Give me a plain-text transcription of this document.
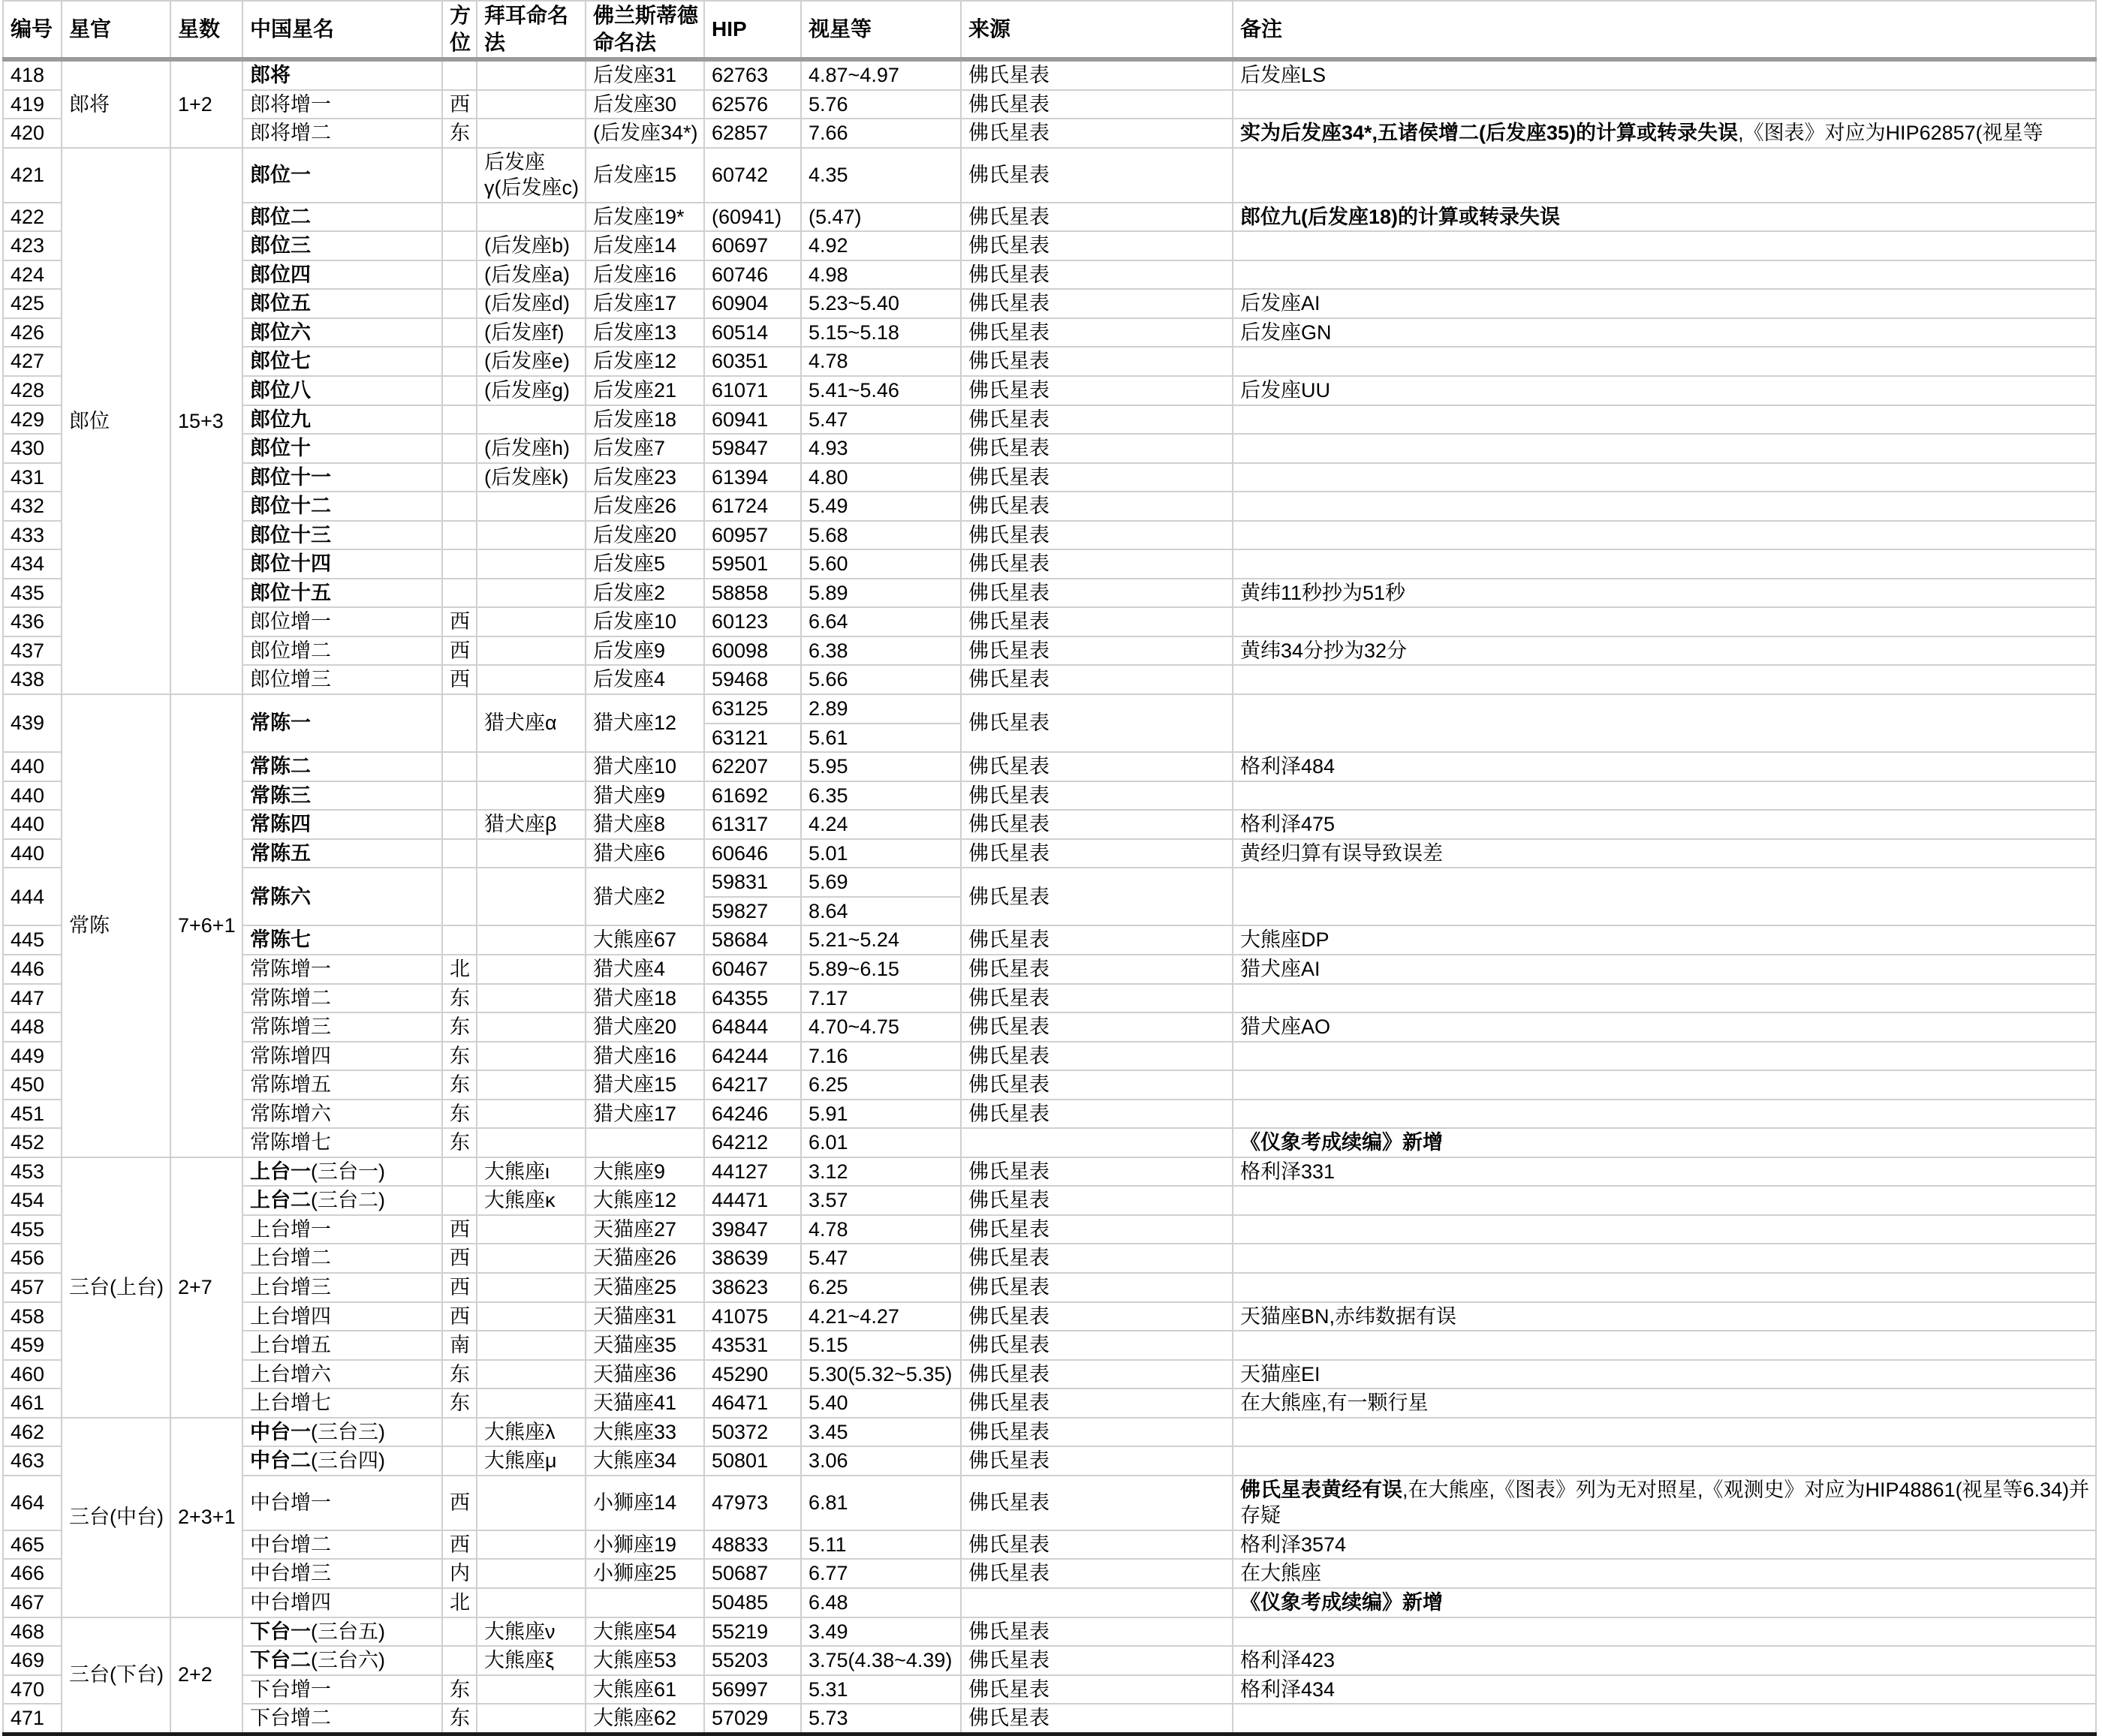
编号	星官	星数	中国星名	方位	拜耳命名法	佛兰斯蒂德命名法	HIP	视星等	来源	备注
418	郎将	1+2	郎将			后发座31	62763	4.87~4.97	佛氏星表	后发座LS
419			郎将增一	西		后发座30	62576	5.76	佛氏星表	
420			郎将增二	东		(后发座34*)	62857	7.66	佛氏星表	实为后发座34*,五诸侯增二(后发座35)的计算或转录失误,《图表》对应为HIP62857(视星等
421	郎位	15+3	郎位一		后发座γ(后发座c)	后发座15	60742	4.35	佛氏星表	
422			郎位二			后发座19*	(60941)	(5.47)	佛氏星表	郎位九(后发座18)的计算或转录失误
423			郎位三		(后发座b)	后发座14	60697	4.92	佛氏星表	
424			郎位四		(后发座a)	后发座16	60746	4.98	佛氏星表	
425			郎位五		(后发座d)	后发座17	60904	5.23~5.40	佛氏星表	后发座AI
426			郎位六		(后发座f)	后发座13	60514	5.15~5.18	佛氏星表	后发座GN
427			郎位七		(后发座e)	后发座12	60351	4.78	佛氏星表	
428			郎位八		(后发座g)	后发座21	61071	5.41~5.46	佛氏星表	后发座UU
429			郎位九			后发座18	60941	5.47	佛氏星表	
430			郎位十		(后发座h)	后发座7	59847	4.93	佛氏星表	
431			郎位十一		(后发座k)	后发座23	61394	4.80	佛氏星表	
432			郎位十二			后发座26	61724	5.49	佛氏星表	
433			郎位十三			后发座20	60957	5.68	佛氏星表	
434			郎位十四			后发座5	59501	5.60	佛氏星表	
435			郎位十五			后发座2	58858	5.89	佛氏星表	黄纬11秒抄为51秒
436			郎位增一	西		后发座10	60123	6.64	佛氏星表	
437			郎位增二	西		后发座9	60098	6.38	佛氏星表	黄纬34分抄为32分
438			郎位增三	西		后发座4	59468	5.66	佛氏星表	
439	常陈	7+6+1	常陈一		猎犬座α	猎犬座12	63125	2.89	佛氏星表	
							63121	5.61		
440			常陈二			猎犬座10	62207	5.95	佛氏星表	格利泽484
440			常陈三			猎犬座9	61692	6.35	佛氏星表	
440			常陈四		猎犬座β	猎犬座8	61317	4.24	佛氏星表	格利泽475
440			常陈五			猎犬座6	60646	5.01	佛氏星表	黄经归算有误导致误差
444			常陈六			猎犬座2	59831	5.69	佛氏星表	
							59827	8.64		
445			常陈七			大熊座67	58684	5.21~5.24	佛氏星表	大熊座DP
446			常陈增一	北		猎犬座4	60467	5.89~6.15	佛氏星表	猎犬座AI
447			常陈增二	东		猎犬座18	64355	7.17	佛氏星表	
448			常陈增三	东		猎犬座20	64844	4.70~4.75	佛氏星表	猎犬座AO
449			常陈增四	东		猎犬座16	64244	7.16	佛氏星表	
450			常陈增五	东		猎犬座15	64217	6.25	佛氏星表	
451			常陈增六	东		猎犬座17	64246	5.91	佛氏星表	
452			常陈增七	东			64212	6.01		《仪象考成续编》新增
453	三台(上台)	2+7	上台一(三台一)		大熊座ι	大熊座9	44127	3.12	佛氏星表	格利泽331
454			上台二(三台二)		大熊座κ	大熊座12	44471	3.57	佛氏星表	
455			上台增一	西		天猫座27	39847	4.78	佛氏星表	
456			上台增二	西		天猫座26	38639	5.47	佛氏星表	
457			上台增三	西		天猫座25	38623	6.25	佛氏星表	
458			上台增四	西		天猫座31	41075	4.21~4.27	佛氏星表	天猫座BN,赤纬数据有误
459			上台增五	南		天猫座35	43531	5.15	佛氏星表	
460			上台增六	东		天猫座36	45290	5.30(5.32~5.35)	佛氏星表	天猫座EI
461			上台增七	东		天猫座41	46471	5.40	佛氏星表	在大熊座,有一颗行星
462	三台(中台)	2+3+1	中台一(三台三)		大熊座λ	大熊座33	50372	3.45	佛氏星表	
463			中台二(三台四)		大熊座μ	大熊座34	50801	3.06	佛氏星表	
464			中台增一	西		小狮座14	47973	6.81	佛氏星表	佛氏星表黄经有误,在大熊座,《图表》列为无对照星,《观测史》对应为HIP48861(视星等6.34)并存疑
465			中台增二	西		小狮座19	48833	5.11	佛氏星表	格利泽3574
466			中台增三	内		小狮座25	50687	6.77	佛氏星表	在大熊座
467			中台增四	北			50485	6.48		《仪象考成续编》新增
468	三台(下台)	2+2	下台一(三台五)		大熊座ν	大熊座54	55219	3.49	佛氏星表	
469			下台二(三台六)		大熊座ξ	大熊座53	55203	3.75(4.38~4.39)	佛氏星表	格利泽423
470			下台增一	东		大熊座61	56997	5.31	佛氏星表	格利泽434
471			下台增二	东		大熊座62	57029	5.73	佛氏星表	
